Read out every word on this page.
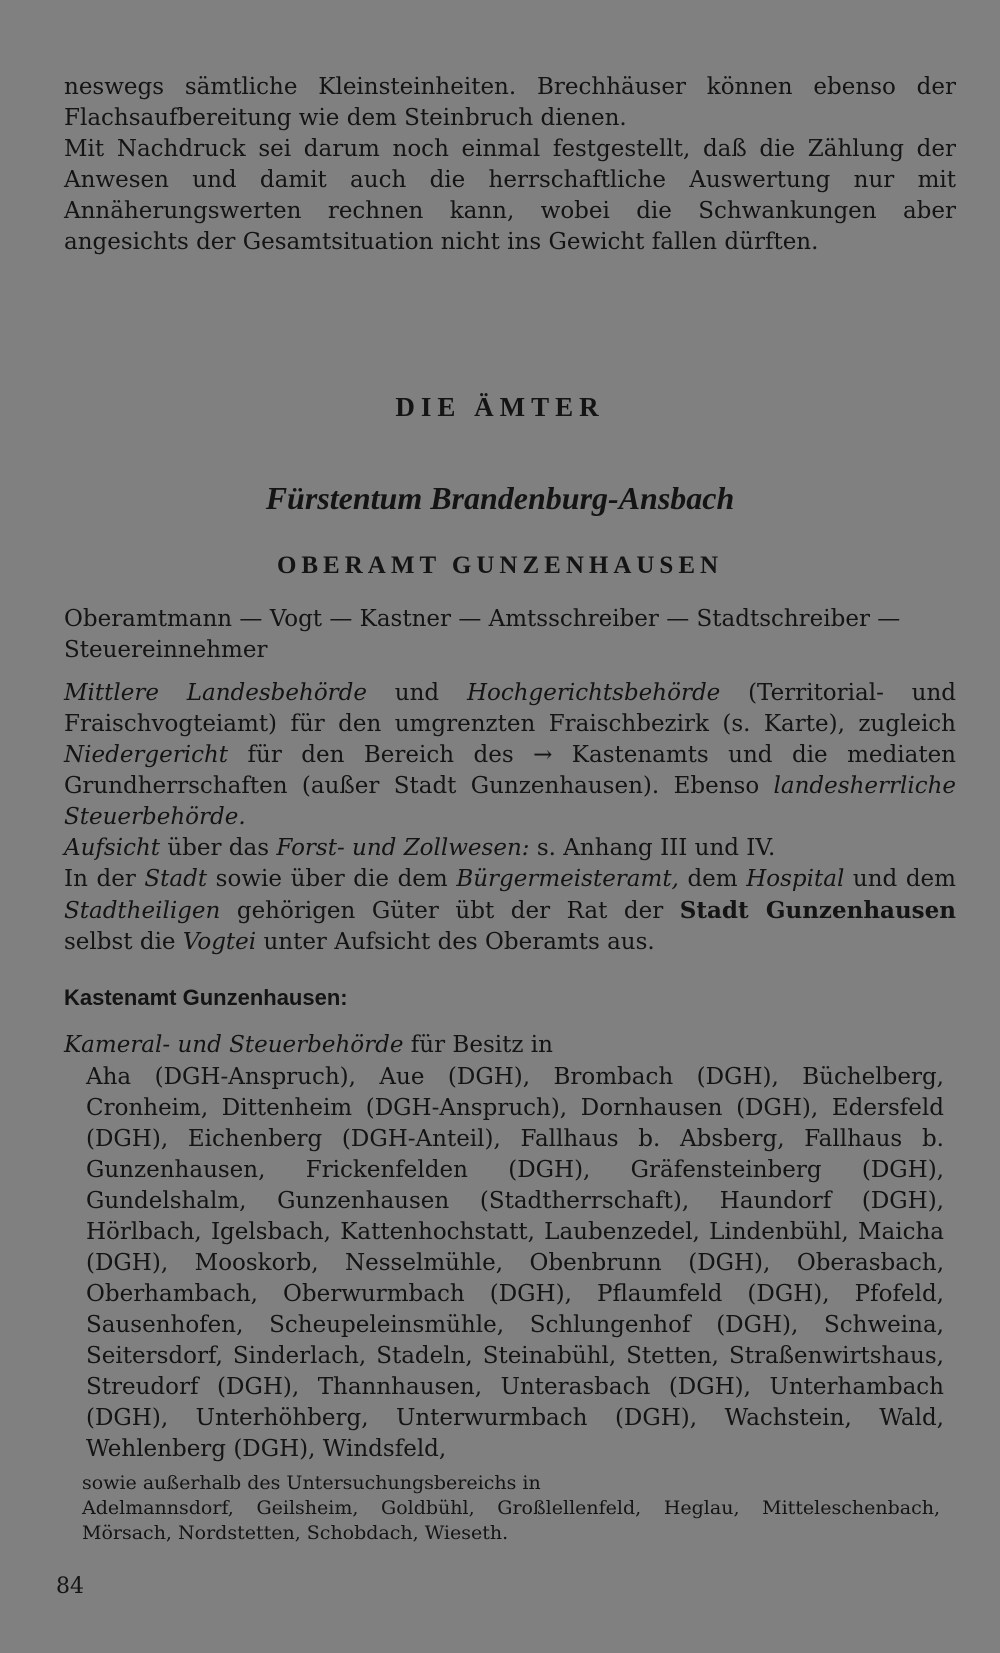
neswegs sämtliche Kleinsteinheiten. Brechhäuser können ebenso der Flachsaufbereitung wie dem Steinbruch dienen.

Mit Nachdruck sei darum noch einmal festgestellt, daß die Zählung der Anwesen und damit auch die herrschaftliche Auswertung nur mit Annäherungswerten rechnen kann, wobei die Schwankungen aber angesichts der Gesamtsituation nicht ins Gewicht fallen dürften.

DIE ÄMTER
Fürstentum Brandenburg-Ansbach
OBERAMT GUNZENHAUSEN

Oberamtmann — Vogt — Kastner — Amtsschreiber — Stadtschreiber — Steuereinnehmer

Mittlere Landesbehörde und Hochgerichtsbehörde (Territorial- und Fraischvogteiamt) für den umgrenzten Fraischbezirk (s. Karte), zugleich Niedergericht für den Bereich des → Kastenamts und die mediaten Grundherrschaften (außer Stadt Gunzenhausen). Ebenso landesherrliche Steuerbehörde.

Aufsicht über das Forst- und Zollwesen: s. Anhang III und IV.

In der Stadt sowie über die dem Bürgermeisteramt, dem Hospital und dem Stadtheiligen gehörigen Güter übt der Rat der Stadt Gunzenhausen selbst die Vogtei unter Aufsicht des Oberamts aus.

Kastenamt Gunzenhausen:

Kameral- und Steuerbehörde für Besitz in

Aha (DGH-Anspruch), Aue (DGH), Brombach (DGH), Büchelberg, Cronheim, Dittenheim (DGH-Anspruch), Dornhausen (DGH), Edersfeld (DGH), Eichenberg (DGH-Anteil), Fallhaus b. Absberg, Fallhaus b. Gunzenhausen, Frickenfelden (DGH), Gräfensteinberg (DGH), Gundelshalm, Gunzenhausen (Stadtherrschaft), Haundorf (DGH), Hörlbach, Igelsbach, Kattenhochstatt, Laubenzedel, Lindenbühl, Maicha (DGH), Mooskorb, Nesselmühle, Obenbrunn (DGH), Oberasbach, Oberhambach, Oberwurmbach (DGH), Pflaumfeld (DGH), Pfofeld, Sausenhofen, Scheupeleinsmühle, Schlungenhof (DGH), Schweina, Seitersdorf, Sinderlach, Stadeln, Steinabühl, Stetten, Straßenwirtshaus, Streudorf (DGH), Thannhausen, Unterasbach (DGH), Unterhambach (DGH), Unterhöhberg, Unterwurmbach (DGH), Wachstein, Wald, Wehlenberg (DGH), Windsfeld,

sowie außerhalb des Untersuchungsbereichs in

Adelmannsdorf, Geilsheim, Goldbühl, Großlellenfeld, Heglau, Mitteleschenbach, Mörsach, Nordstetten, Schobdach, Wieseth.

84
